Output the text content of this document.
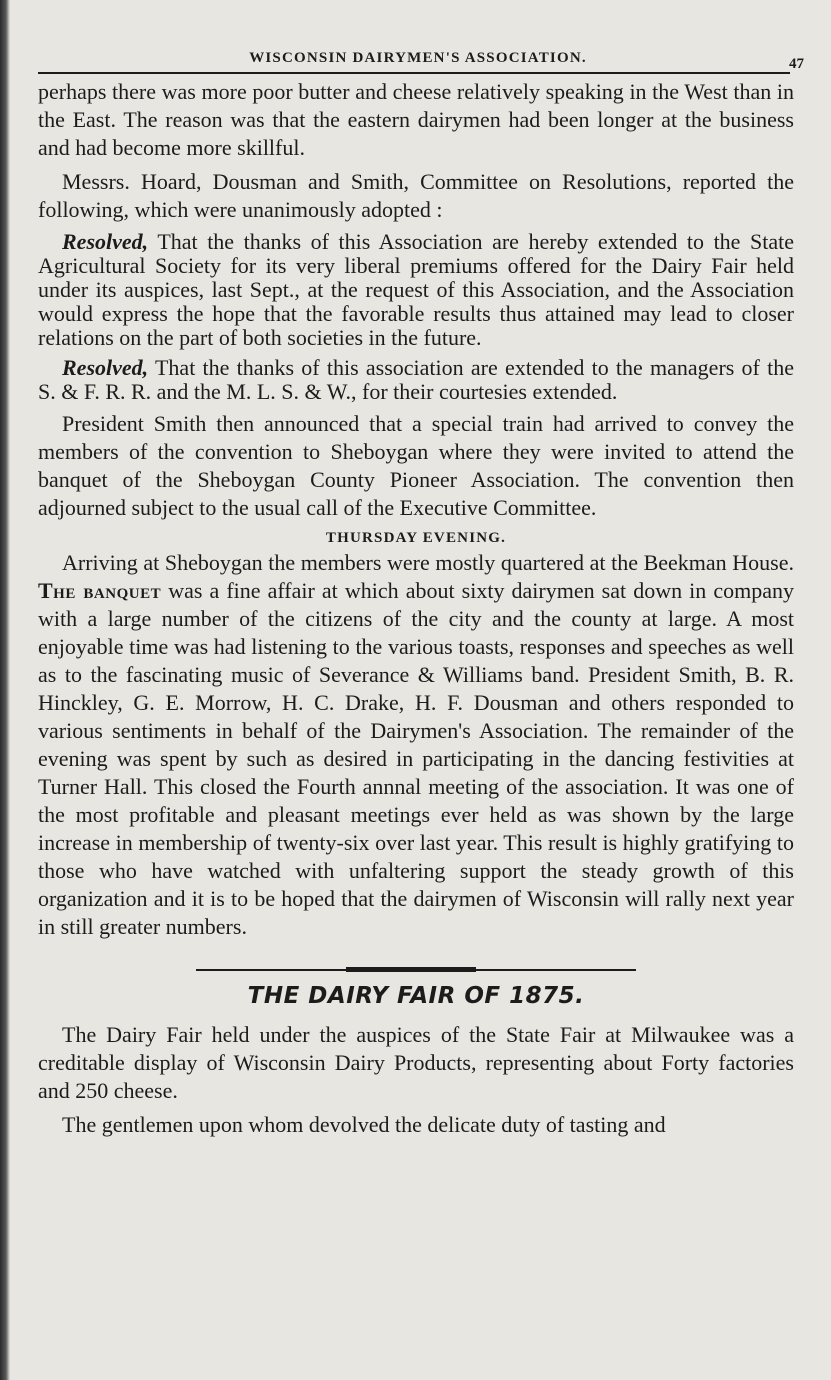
WISCONSIN DAIRYMEN'S ASSOCIATION.	47

perhaps there was more poor butter and cheese relatively speaking in the West than in the East. The reason was that the eastern dairymen had been longer at the business and had become more skillful.

Messrs. Hoard, Dousman and Smith, Committee on Resolutions, reported the following, which were unanimously adopted :

Resolved, That the thanks of this Association are hereby extended to the State Agricultural Society for its very liberal premiums offered for the Dairy Fair held under its auspices, last Sept., at the request of this Association, and the Association would express the hope that the favorable results thus attained may lead to closer relations on the part of both societies in the future.

Resolved, That the thanks of this association are extended to the managers of the S. & F. R. R. and the M. L. S. & W., for their courtesies extended.

President Smith then announced that a special train had arrived to convey the members of the convention to Sheboygan where they were invited to attend the banquet of the Sheboygan County Pioneer Association. The convention then adjourned subject to the usual call of the Executive Committee.

THURSDAY EVENING.

Arriving at Sheboygan the members were mostly quartered at the Beekman House. The banquet was a fine affair at which about sixty dairymen sat down in company with a large number of the citizens of the city and the county at large. A most enjoyable time was had listening to the various toasts, responses and speeches as well as to the fascinating music of Severance & Williams band. President Smith, B. R. Hinckley, G. E. Morrow, H. C. Drake, H. F. Dousman and others responded to various sentiments in behalf of the Dairymen's Association. The remainder of the evening was spent by such as desired in participating in the dancing festivities at Turner Hall. This closed the Fourth annnal meeting of the association. It was one of the most profitable and pleasant meetings ever held as was shown by the large increase in membership of twenty-six over last year. This result is highly gratifying to those who have watched with unfaltering support the steady growth of this organization and it is to be hoped that the dairymen of Wisconsin will rally next year in still greater numbers.

THE DAIRY FAIR OF 1875.

The Dairy Fair held under the auspices of the State Fair at Milwaukee was a creditable display of Wisconsin Dairy Products, representing about Forty factories and 250 cheese.

The gentlemen upon whom devolved the delicate duty of tasting and
